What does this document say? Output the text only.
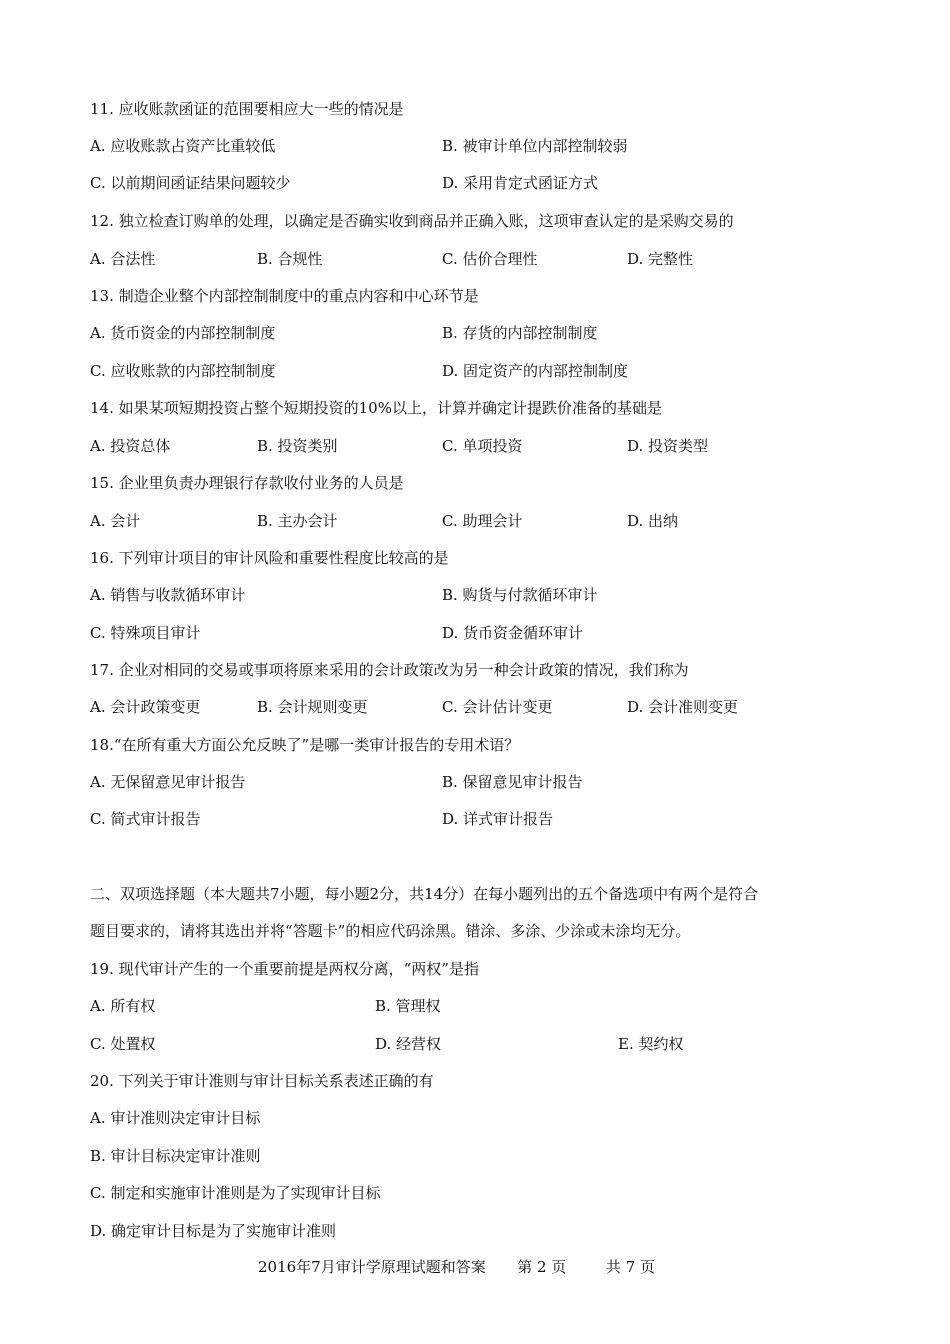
11. 应收账款函证的范围要相应大一些的情况是
A. 应收账款占资产比重较低	B. 被审计单位内部控制较弱
C. 以前期间函证结果问题较少	D. 采用肯定式函证方式
12. 独立检查订购单的处理，以确定是否确实收到商品并正确入账，这项审查认定的是采购交易的
A. 合法性	B. 合规性	C. 估价合理性	D. 完整性
13. 制造企业整个内部控制制度中的重点内容和中心环节是
A. 货币资金的内部控制制度	B. 存货的内部控制制度
C. 应收账款的内部控制制度	D. 固定资产的内部控制制度
14. 如果某项短期投资占整个短期投资的10%以上，计算并确定计提跌价准备的基础是
A. 投资总体	B. 投资类别	C. 单项投资	D. 投资类型
15. 企业里负责办理银行存款收付业务的人员是
A. 会计	B. 主办会计	C. 助理会计	D. 出纳
16. 下列审计项目的审计风险和重要性程度比较高的是
A. 销售与收款循环审计	B. 购货与付款循环审计
C. 特殊项目审计	D. 货币资金循环审计
17. 企业对相同的交易或事项将原来采用的会计政策改为另一种会计政策的情况，我们称为
A. 会计政策变更	B. 会计规则变更	C. 会计估计变更	D. 会计准则变更
18.“在所有重大方面公允反映了”是哪一类审计报告的专用术语？
A. 无保留意见审计报告	B. 保留意见审计报告
C. 简式审计报告	D. 详式审计报告
二、双项选择题（本大题共7小题，每小题2分，共14分）在每小题列出的五个备选项中有两个是符合
题目要求的，请将其选出并将“答题卡”的相应代码涂黑。错涂、多涂、少涂或未涂均无分。
19. 现代审计产生的一个重要前提是两权分离，“两权”是指
A. 所有权	B. 管理权
C. 处置权	D. 经营权	E. 契约权
20. 下列关于审计准则与审计目标关系表述正确的有
A. 审计准则决定审计目标
B. 审计目标决定审计准则
C. 制定和实施审计准则是为了实现审计目标
D. 确定审计目标是为了实施审计准则
2016年7月审计学原理试题和答案 第 2 页	共 7 页
